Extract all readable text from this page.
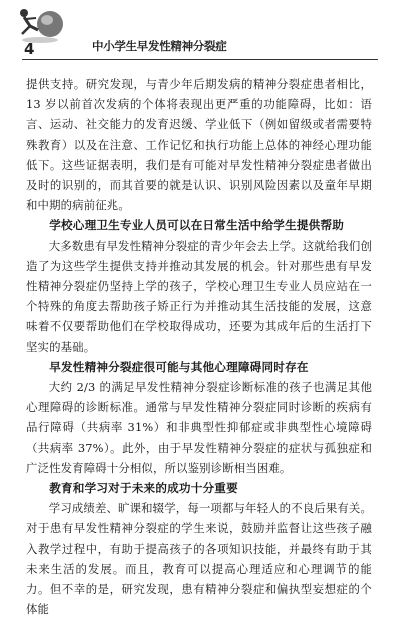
4	中小学生早发性精神分裂症

提供支持。研究发现，与青少年后期发病的精神分裂症患者相比，13 岁以前首次发病的个体将表现出更严重的功能障碍，比如：语言、运动、社交能力的发育迟缓、学业低下（例如留级或者需要特殊教育）以及在注意、工作记忆和执行功能上总体的神经心理功能低下。这些证据表明，我们是有可能对早发性精神分裂症患者做出及时的识别的，而其首要的就是认识、识别风险因素以及童年早期和中期的病前征兆。

学校心理卫生专业人员可以在日常生活中给学生提供帮助

大多数患有早发性精神分裂症的青少年会去上学。这就给我们创造了为这些学生提供支持并推动其发展的机会。针对那些患有早发性精神分裂症仍坚持上学的孩子，学校心理卫生专业人员应站在一个特殊的角度去帮助孩子矫正行为并推动其生活技能的发展，这意味着不仅要帮助他们在学校取得成功，还要为其成年后的生活打下坚实的基础。

早发性精神分裂症很可能与其他心理障碍同时存在

大约 2/3 的满足早发性精神分裂症诊断标准的孩子也满足其他心理障碍的诊断标准。通常与早发性精神分裂症同时诊断的疾病有品行障碍（共病率 31%）和非典型性抑郁症或非典型性心境障碍（共病率 37%）。此外，由于早发性精神分裂症的症状与孤独症和广泛性发育障碍十分相似，所以鉴别诊断相当困难。

教育和学习对于未来的成功十分重要

学习成绩差、旷课和辍学，每一项都与年轻人的不良后果有关。对于患有早发性精神分裂症的学生来说，鼓励并监督让这些孩子融入教学过程中，有助于提高孩子的各项知识技能，并最终有助于其未来生活的发展。而且，教育可以提高心理适应和心理调节的能力。但不幸的是，研究发现，患有精神分裂症和偏执型妄想症的个体能
